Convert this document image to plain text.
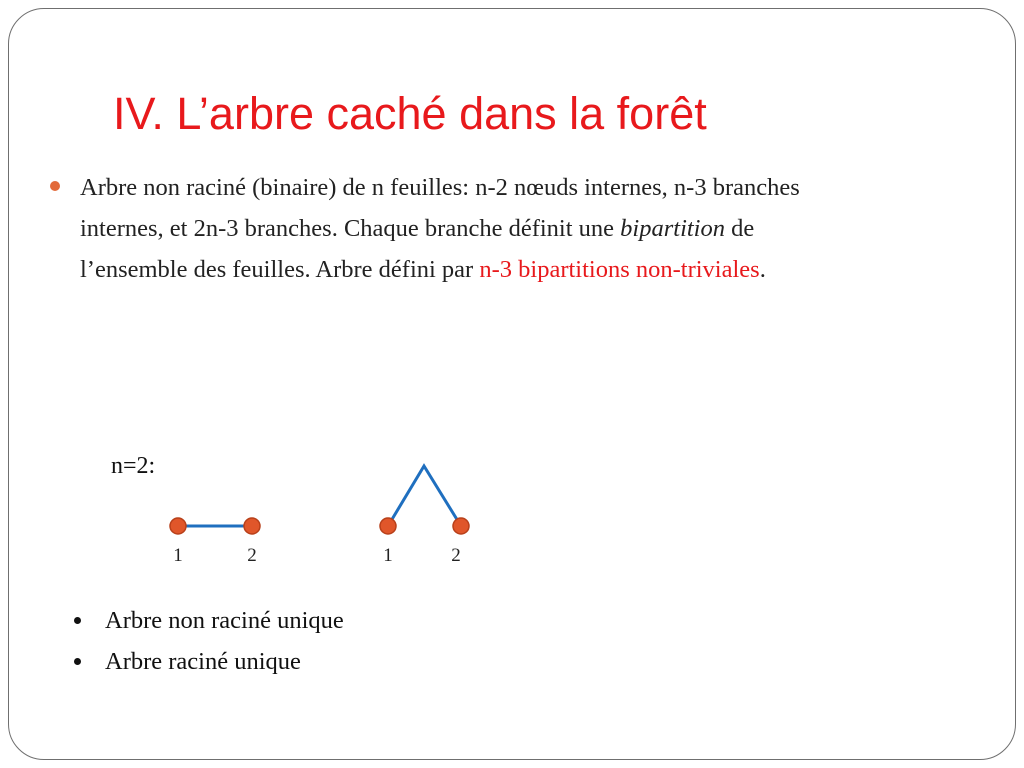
IV. L’arbre caché dans la forêt

Arbre non raciné (binaire) de n feuilles: n-2 nœuds internes, n-3 branches
internes, et 2n-3 branches. Chaque branche définit une bipartition de
l’ensemble des feuilles. Arbre défini par n-3 bipartitions non-triviales.

n=2:
1	2	1	2
Arbre non raciné unique
Arbre raciné unique
